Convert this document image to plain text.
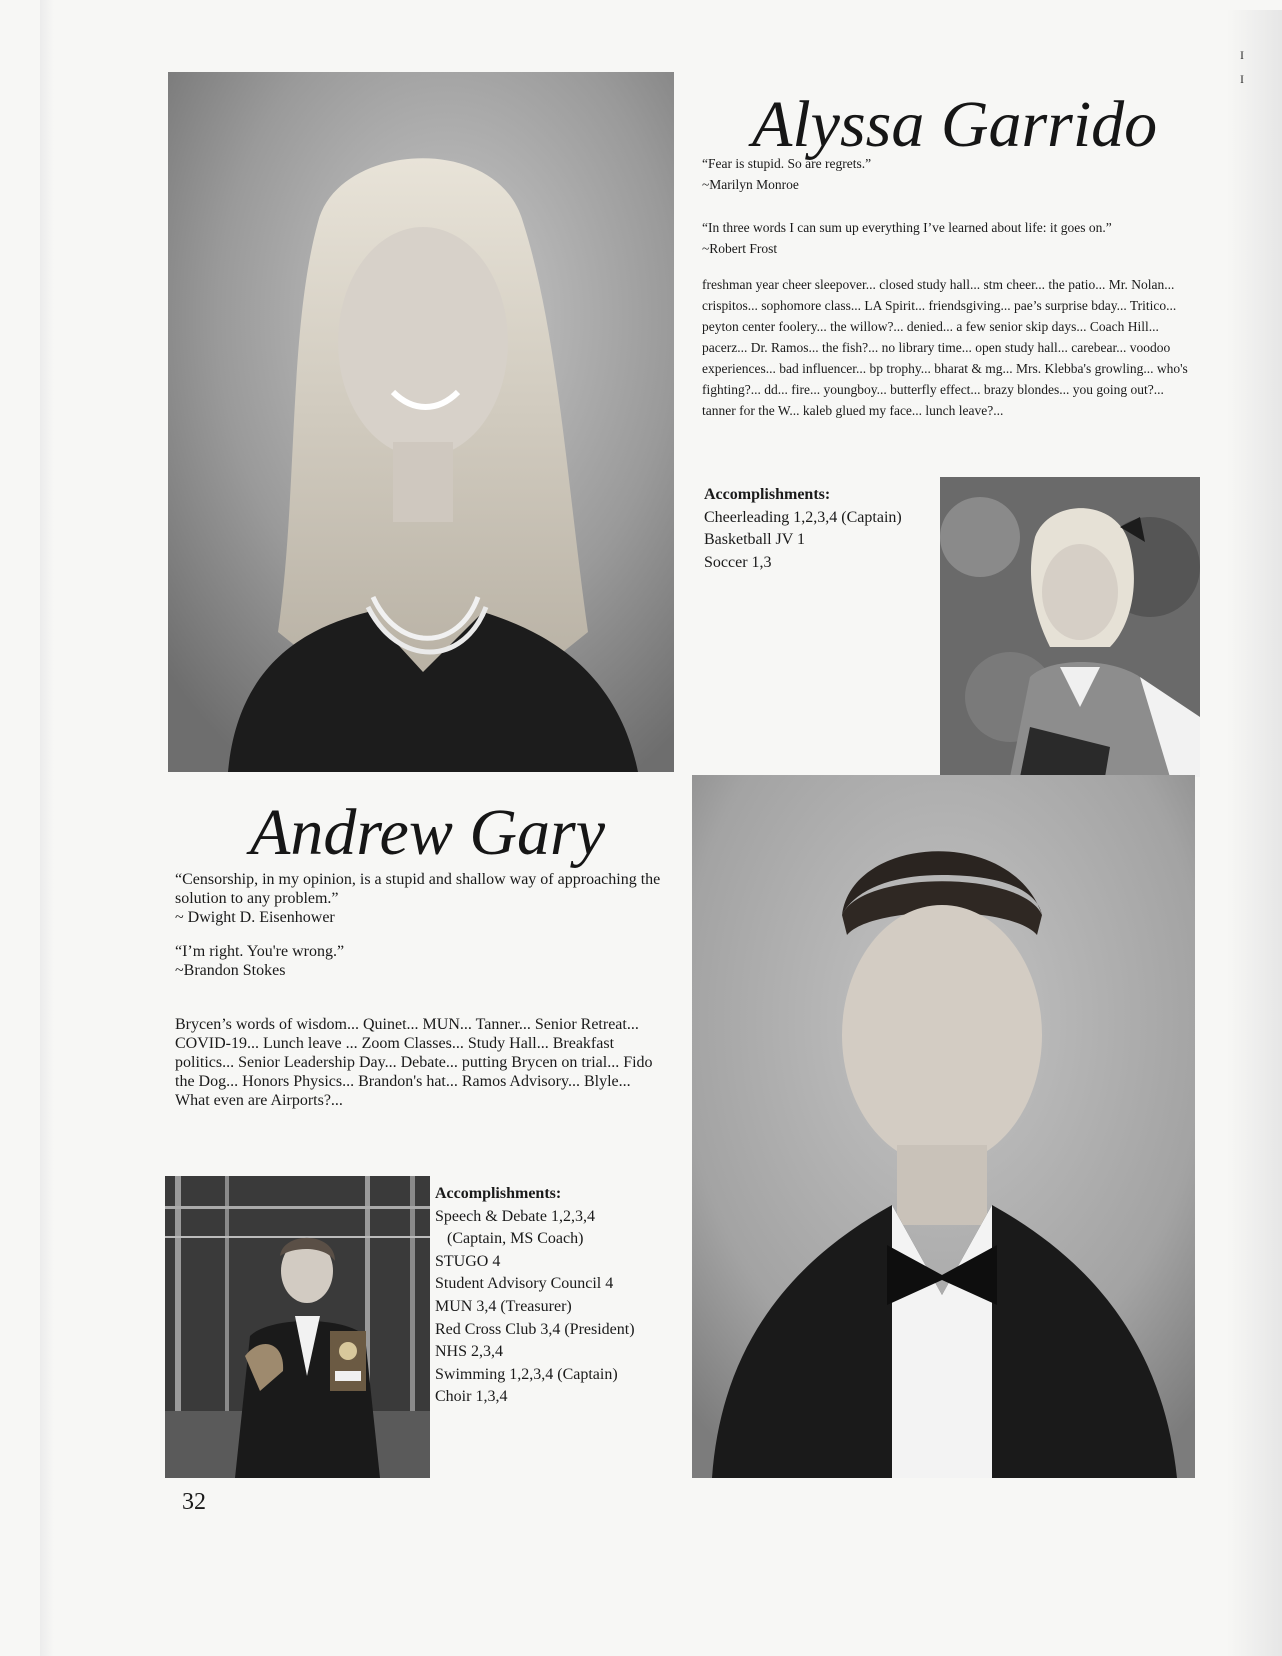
Alyssa Garrido
“Fear is stupid. So are regrets.”
~Marilyn Monroe
“In three words I can sum up everything I’ve learned about life: it goes on.”
~Robert Frost

freshman year cheer sleepover... closed study hall... stm cheer... the patio... Mr. Nolan... crispitos... sophomore class... LA Spirit... friendsgiving... pae’s surprise bday... Tritico... peyton center foolery... the willow?... denied... a few senior skip days... Coach Hill... pacerz... Dr. Ramos... the fish?... no library time... open study hall... carebear... voodoo experiences... bad influencer... bp trophy... bharat & mg... Mrs. Klebba's growling... who's fighting?... dd... fire... youngboy... butterfly effect... brazy blondes... you going out?... tanner for the W... kaleb glued my face... lunch leave?...

Accomplishments:
Cheerleading 1,2,3,4 (Captain)
Basketball JV 1
Soccer 1,3
Andrew Gary
“Censorship, in my opinion, is a stupid and shallow way of approaching the solution to any problem.”
~ Dwight D. Eisenhower
“I’m right. You're wrong.”
~Brandon Stokes

Brycen’s words of wisdom... Quinet... MUN... Tanner... Senior Retreat... COVID-19... Lunch leave ... Zoom Classes... Study Hall... Breakfast politics... Senior Leadership Day... Debate... putting Brycen on trial... Fido the Dog... Honors Physics... Brandon's hat... Ramos Advisory... Blyle... What even are Airports?...

Accomplishments:
Speech & Debate 1,2,3,4
(Captain, MS Coach)
STUGO 4
Student Advisory Council 4
MUN 3,4 (Treasurer)
Red Cross Club 3,4 (President)
NHS 2,3,4
Swimming 1,2,3,4 (Captain)
Choir 1,3,4
32
I
I
